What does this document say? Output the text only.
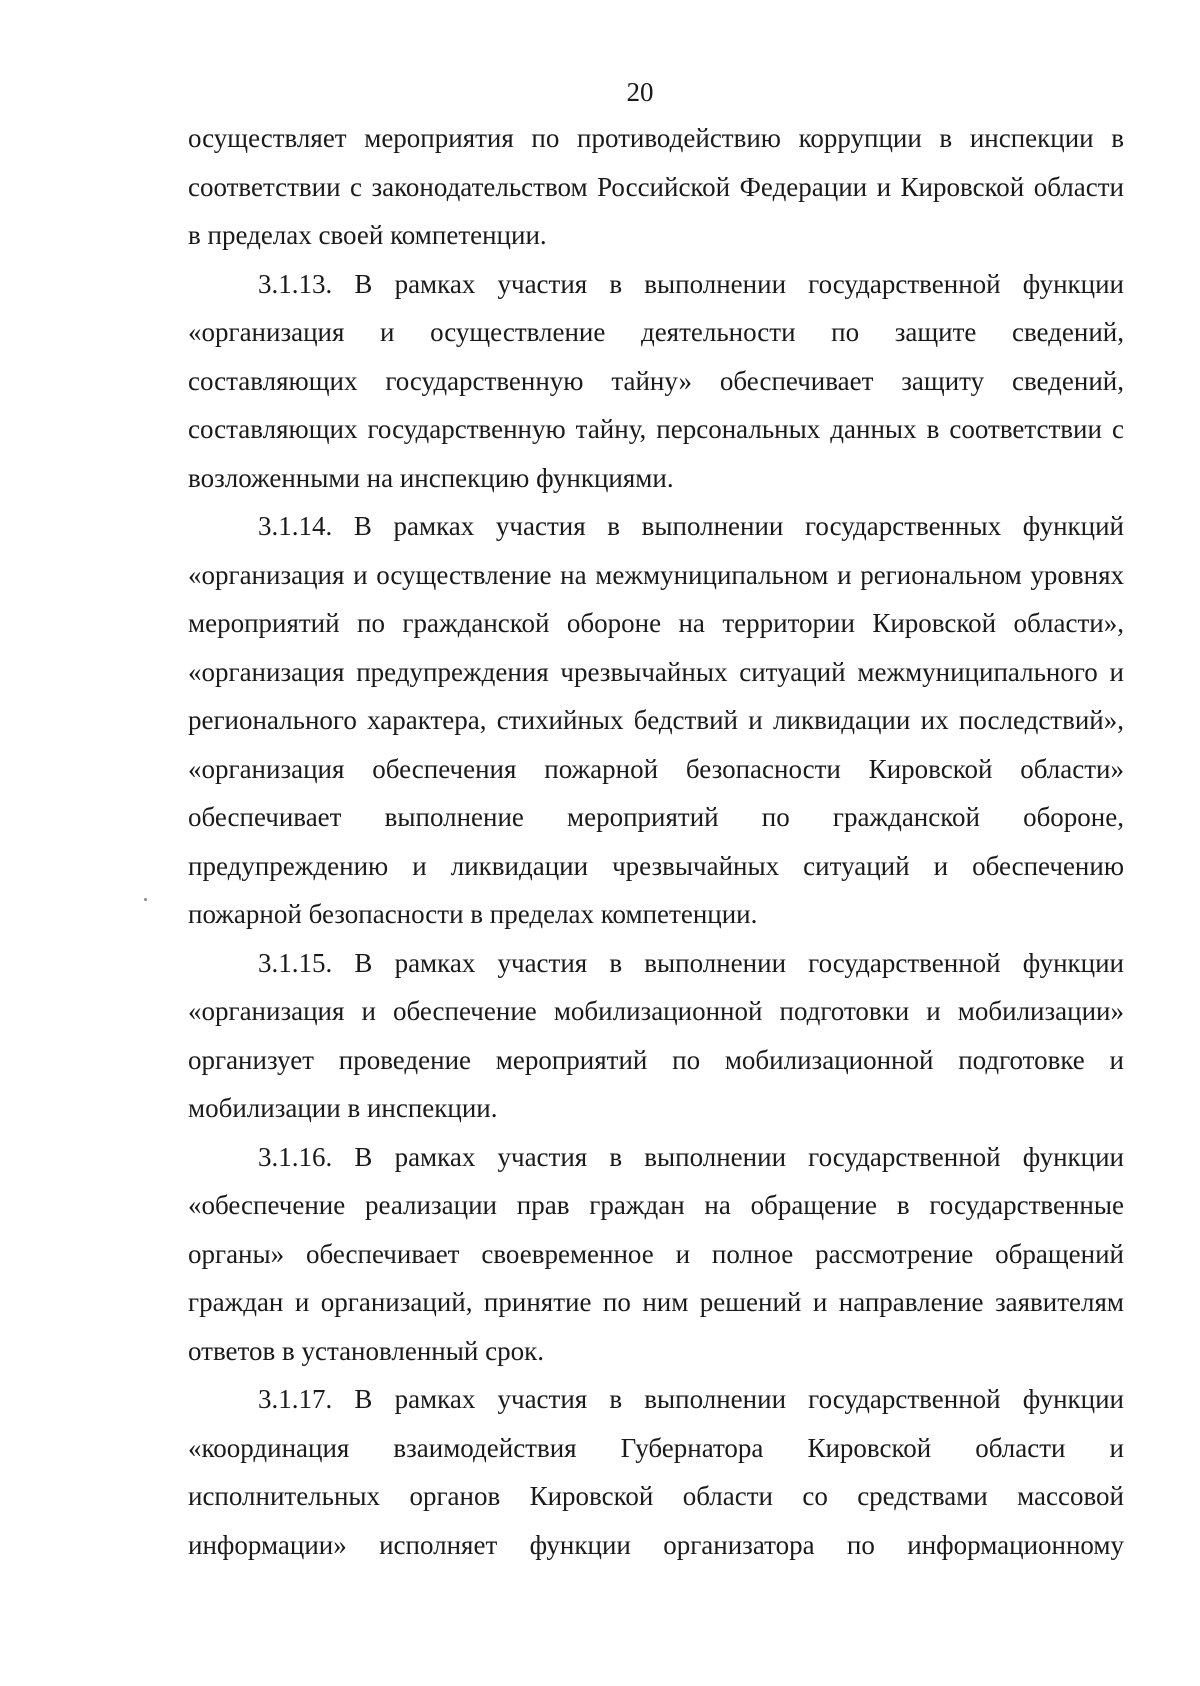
20

осуществляет мероприятия по противодействию коррупции в инспекции в соответствии с законодательством Российской Федерации и Кировской области в пределах своей компетенции.

3.1.13. В рамках участия в выполнении государственной функции «организация и осуществление деятельности по защите сведений, составляющих государственную тайну» обеспечивает защиту сведений, составляющих государственную тайну, персональных данных в соответствии с возложенными на инспекцию функциями.

3.1.14. В рамках участия в выполнении государственных функций «организация и осуществление на межмуниципальном и региональном уровнях мероприятий по гражданской обороне на территории Кировской области», «организация предупреждения чрезвычайных ситуаций межмуниципального и регионального характера, стихийных бедствий и ликвидации их последствий», «организация обеспечения пожарной безопасности Кировской области» обеспечивает выполнение мероприятий по гражданской обороне, предупреждению и ликвидации чрезвычайных ситуаций и обеспечению пожарной безопасности в пределах компетенции.

3.1.15. В рамках участия в выполнении государственной функции «организация и обеспечение мобилизационной подготовки и мобилизации» организует проведение мероприятий по мобилизационной подготовке и мобилизации в инспекции.

3.1.16. В рамках участия в выполнении государственной функции «обеспечение реализации прав граждан на обращение в государственные органы» обеспечивает своевременное и полное рассмотрение обращений граждан и организаций, принятие по ним решений и направление заявителям ответов в установленный срок.

3.1.17. В рамках участия в выполнении государственной функции «координация взаимодействия Губернатора Кировской области и исполнительных органов Кировской области со средствами массовой информации» исполняет функции организатора по информационному
